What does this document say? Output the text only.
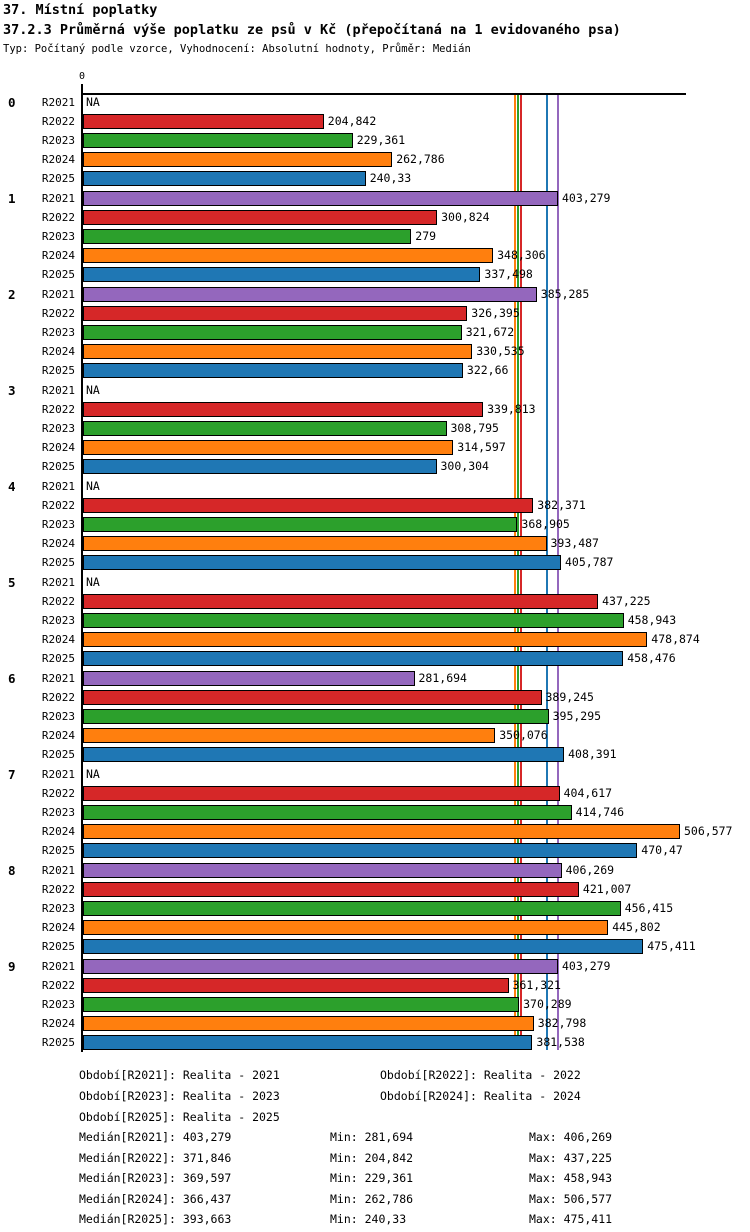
37. Místní poplatky
37.2.3 Průměrná výše poplatku ze psů v Kč (přepočítaná na 1 evidovaného psa)
Typ: Počítaný podle vzorce, Vyhodnocení: Absolutní hodnoty, Průměr: Medián
0
0	R2021 NA
R2022	204,842
R2023	229,361
R2024	262,786
R2025	240,33
1	R2021	403,279
R2022	300,824
R2023	279
R2024	348,306
R2025	337,498
2	R2021	385,285
R2022	326,395
R2023	321,672
R2024	330,535
R2025	322,66
3	R2021 NA
R2022	339,813
R2023	308,795
R2024	314,597
R2025	300,304
4	R2021 NA
R2022	382,371
R2023	368,905
R2024	393,487
R2025	405,787
5	R2021 NA
R2022	437,225
R2023	458,943
R2024	478,874
R2025	458,476
6	R2021	281,694
R2022	389,245
R2023	395,295
R2024	350,076
R2025	408,391
7	R2021 NA
R2022	404,617
R2023	414,746
R2024	506,577
R2025	470,47
8	R2021	406,269
R2022	421,007
R2023	456,415
R2024	445,802
R2025	475,411
9	R2021	403,279
R2022	361,321
R2023	370,289
R2024	382,798
R2025	381,538
Období[R2021]: Realita - 2021	Období[R2022]: Realita - 2022
Období[R2023]: Realita - 2023	Období[R2024]: Realita - 2024
Období[R2025]: Realita - 2025
Medián[R2021]: 403,279	Min: 281,694	Max: 406,269
Medián[R2022]: 371,846	Min: 204,842	Max: 437,225
Medián[R2023]: 369,597	Min: 229,361	Max: 458,943
Medián[R2024]: 366,437	Min: 262,786	Max: 506,577
Medián[R2025]: 393,663	Min: 240,33	Max: 475,411
